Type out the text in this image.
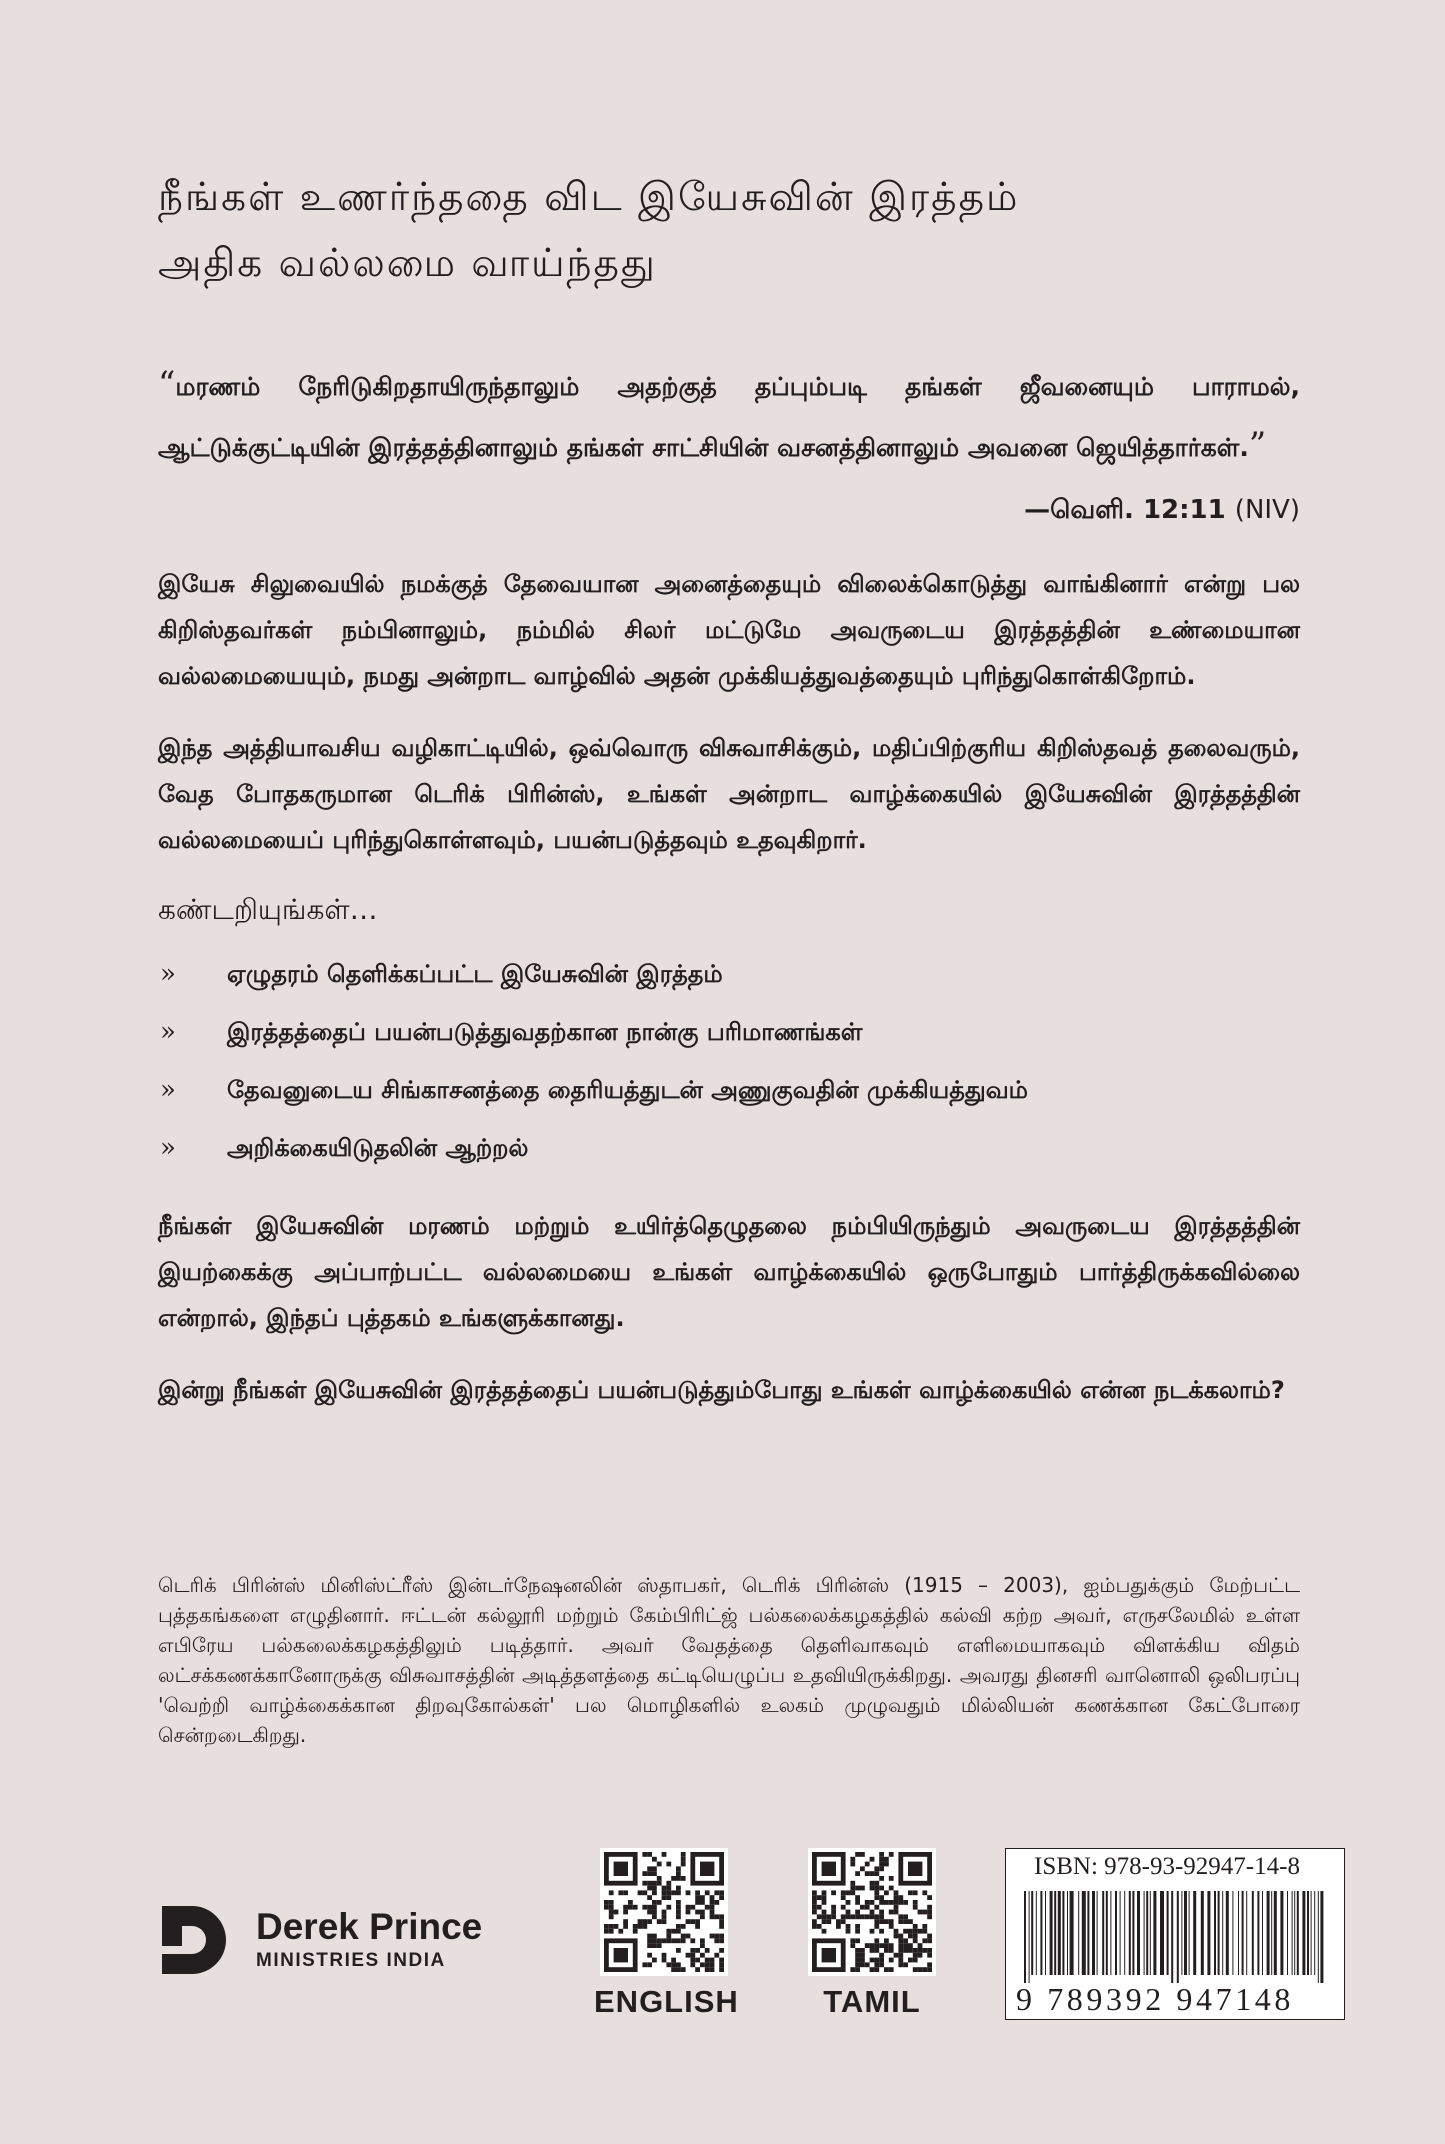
நீங்கள் உணர்ந்ததை விட இயேசுவின் இரத்தம்
அதிக வல்லமை வாய்ந்தது
“மரணம் நேரிடுகிறதாயிருந்தாலும் அதற்குத் தப்பும்படி தங்கள் ஜீவனையும் பாராமல், ஆட்டுக்குட்டியின் இரத்தத்தினாலும் தங்கள் சாட்சியின் வசனத்தினாலும் அவனை ஜெயித்தார்கள்.”
—வெளி. 12:11 (NIV)

இயேசு சிலுவையில் நமக்குத் தேவையான அனைத்தையும் விலைக்கொடுத்து வாங்கினார் என்று பல கிறிஸ்தவர்கள் நம்பினாலும், நம்மில் சிலர் மட்டுமே அவருடைய இரத்தத்தின் உண்மையான வல்லமையையும், நமது அன்றாட வாழ்வில் அதன் முக்கியத்துவத்தையும் புரிந்துகொள்கிறோம்.

இந்த அத்தியாவசிய வழிகாட்டியில், ஒவ்வொரு விசுவாசிக்கும், மதிப்பிற்குரிய கிறிஸ்தவத் தலைவரும், வேத போதகருமான டெரிக் பிரின்ஸ், உங்கள் அன்றாட வாழ்க்கையில் இயேசுவின் இரத்தத்தின் வல்லமையைப் புரிந்துகொள்ளவும், பயன்படுத்தவும் உதவுகிறார்.

கண்டறியுங்கள்…
»	ஏழுதரம் தெளிக்கப்பட்ட இயேசுவின் இரத்தம்
»	இரத்தத்தைப் பயன்படுத்துவதற்கான நான்கு பரிமாணங்கள்
»	தேவனுடைய சிங்காசனத்தை தைரியத்துடன் அணுகுவதின் முக்கியத்துவம்
»	அறிக்கையிடுதலின் ஆற்றல்

நீங்கள் இயேசுவின் மரணம் மற்றும் உயிர்த்தெழுதலை நம்பியிருந்தும் அவருடைய இரத்தத்தின் இயற்கைக்கு அப்பாற்பட்ட வல்லமையை உங்கள் வாழ்க்கையில் ஒருபோதும் பார்த்திருக்கவில்லை என்றால், இந்தப் புத்தகம் உங்களுக்கானது.

இன்று நீங்கள் இயேசுவின் இரத்தத்தைப் பயன்படுத்தும்போது உங்கள் வாழ்க்கையில் என்ன நடக்கலாம்?

டெரிக் பிரின்ஸ் மினிஸ்ட்ரீஸ் இன்டர்நேஷனலின் ஸ்தாபகர், டெரிக் பிரின்ஸ் (1915 – 2003), ஐம்பதுக்கும் மேற்பட்ட புத்தகங்களை எழுதினார். ஈட்டன் கல்லூரி மற்றும் கேம்பிரிட்ஜ் பல்கலைக்கழகத்தில் கல்வி கற்ற அவர், எருசலேமில் உள்ள எபிரேய பல்கலைக்கழகத்திலும் படித்தார். அவர் வேதத்தை தெளிவாகவும் எளிமையாகவும் விளக்கிய விதம் லட்சக்கணக்கானோருக்கு விசுவாசத்தின் அடித்தளத்தை கட்டியெழுப்ப உதவியிருக்கிறது. அவரது தினசரி வானொலி ஒலிபரப்பு 'வெற்றி வாழ்க்கைக்கான திறவுகோல்கள்' பல மொழிகளில் உலகம் முழுவதும் மில்லியன் கணக்கான கேட்போரை சென்றடைகிறது.
Derek Prince
MINISTRIES INDIA
ENGLISH	TAMIL
ISBN: 978-93-92947-14-8
9 789392 947148
